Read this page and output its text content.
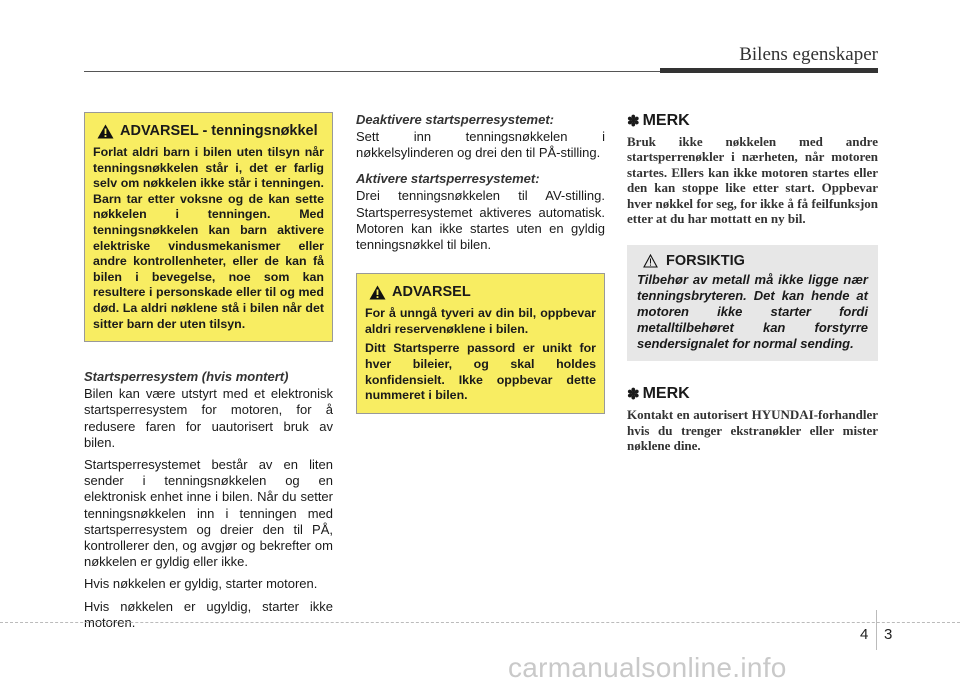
Bilens egenskaper
ADVARSEL - tenningsnøkkel
Forlat aldri barn i bilen uten tilsyn når tenningsnøkkelen står i, det er farlig selv om nøkkelen ikke står i tenningen. Barn tar etter voksne og de kan sette nøkkelen i tenningen. Med tenningsnøkkelen kan barn aktivere elektriske vindusmekanismer eller andre kontrollenheter, eller de kan få bilen i bevegelse, noe som kan resultere i personskade eller til og med død. La aldri nøklene stå i bilen når det sitter barn der uten tilsyn.
Startsperresystem (hvis montert)

Bilen kan være utstyrt med et elektronisk startsperresystem for motoren, for å redusere faren for uautorisert bruk av bilen.

Startsperresystemet består av en liten sender i tenningsnøkkelen og en elektronisk enhet inne i bilen. Når du setter tenningsnøkkelen inn i tenningen med startsperresystem og dreier den til PÅ, kontrollerer den, og avgjør og bekrefter om nøkkelen er gyldig eller ikke.

Hvis nøkkelen er gyldig, starter motoren.

Hvis nøkkelen er ugyldig, starter ikke motoren.

Deaktivere startsperresystemet:

Sett inn tenningsnøkkelen i nøkkelsylinderen og drei den til PÅ-stilling.

Aktivere startsperresystemet:

Drei tenningsnøkkelen til AV-stilling. Startsperresystemet aktiveres automatisk. Motoren kan ikke startes uten en gyldig tenningsnøkkel til bilen.

ADVARSEL
For å unngå tyveri av din bil, oppbevar aldri reservenøklene i bilen.
Ditt Startsperre passord er unikt for hver bileier, og skal holdes konfidensielt. Ikke oppbevar dette nummeret i bilen.
✽ MERK
Bruk ikke nøkkelen med andre startsperrenøkler i nærheten, når motoren startes. Ellers kan ikke motoren startes eller den kan stoppe like etter start. Oppbevar hver nøkkel for seg, for ikke å få feilfunksjon etter at du har mottatt en ny bil.
FORSIKTIG
Tilbehør av metall må ikke ligge nær tenningsbryteren. Det kan hende at motoren ikke starter fordi metalltilbehøret kan forstyrre sendersignalet for normal sending.
✽ MERK
Kontakt en autorisert HYUNDAI-forhandler hvis du trenger ekstranøkler eller mister nøklene dine.
4 3
carmanualsonline.info
